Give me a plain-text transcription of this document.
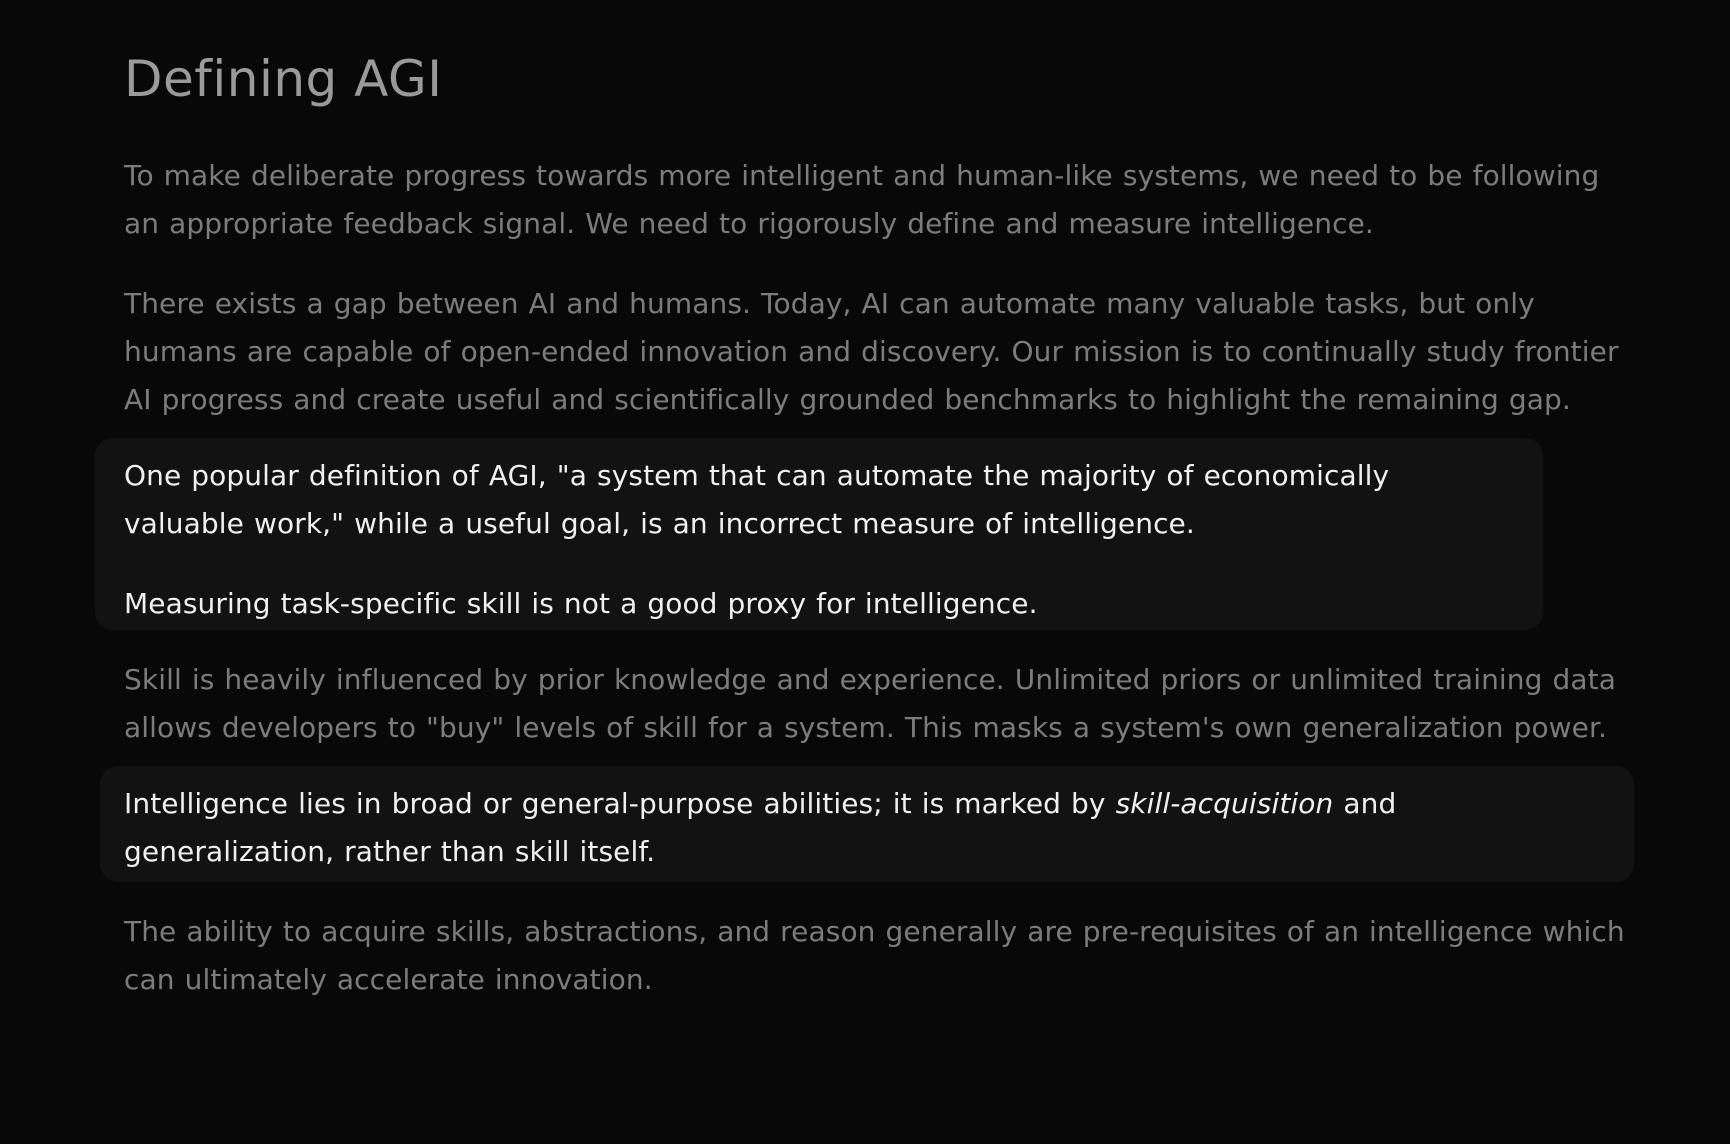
Defining AGI

To make deliberate progress towards more intelligent and human-like systems, we need to be following an appropriate feedback signal. We need to rigorously define and measure intelligence.

There exists a gap between AI and humans. Today, AI can automate many valuable tasks, but only humans are capable of open-ended innovation and discovery. Our mission is to continually study frontier AI progress and create useful and scientifically grounded benchmarks to highlight the remaining gap.

One popular definition of AGI, "a system that can automate the majority of economically valuable work," while a useful goal, is an incorrect measure of intelligence.

Measuring task-specific skill is not a good proxy for intelligence.

Skill is heavily influenced by prior knowledge and experience. Unlimited priors or unlimited training data allows developers to "buy" levels of skill for a system. This masks a system's own generalization power.

Intelligence lies in broad or general-purpose abilities; it is marked by skill-acquisition and generalization, rather than skill itself.

The ability to acquire skills, abstractions, and reason generally are pre-requisites of an intelligence which can ultimately accelerate innovation.
